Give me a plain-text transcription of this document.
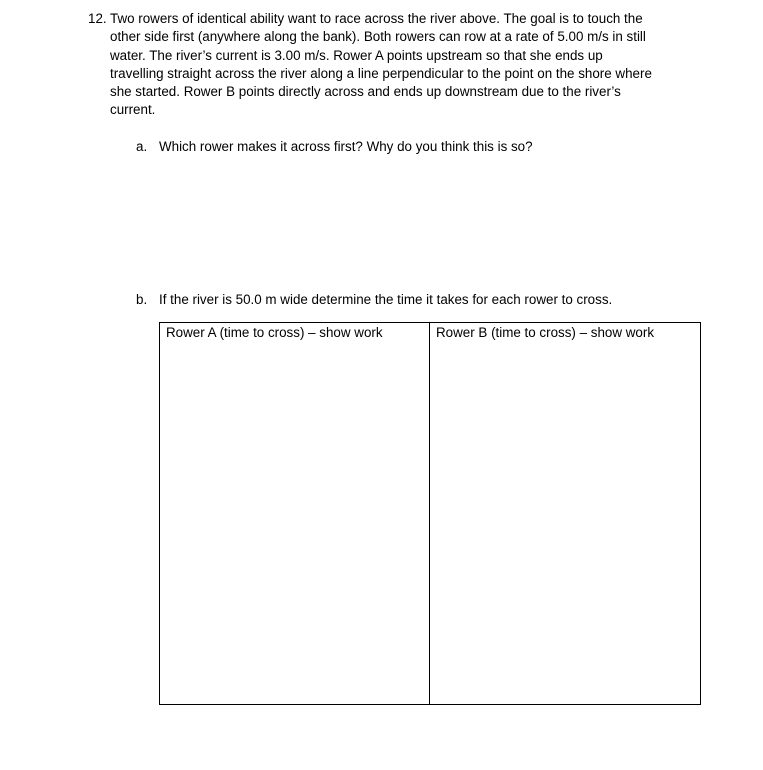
12. Two rowers of identical ability want to race across the river above. The goal is to touch the
other side first (anywhere along the bank). Both rowers can row at a rate of 5.00 m/s in still
water. The river’s current is 3.00 m/s. Rower A points upstream so that she ends up
travelling straight across the river along a line perpendicular to the point on the shore where
she started. Rower B points directly across and ends up downstream due to the river’s
current.
a. Which rower makes it across first? Why do you think this is so?
b. If the river is 50.0 m wide determine the time it takes for each rower to cross.
Rower A (time to cross) – show work	Rower B (time to cross) – show work
